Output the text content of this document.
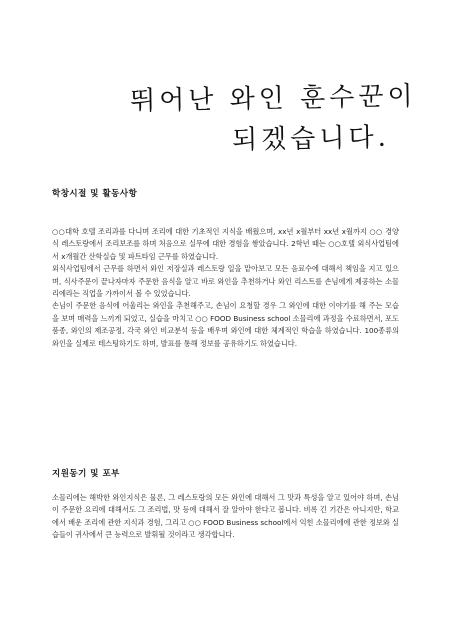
뛰어난 와인 훈수꾼이
되겠습니다.
학창시절 및 활동사항

○○대학 호텔 조리과를 다니며 조리에 대한 기초적인 지식을 배웠으며, xx년 x월부터 xx년 x월까지 ○○ 경양식 레스토랑에서 조리보조를 하며 처음으로 실무에 대한 경험을 쌓았습니다. 2학년 때는 ○○호텔 외식사업팀에서 x개월간 산학실습 및 파트타임 근무를 하였습니다.

외식사업팀에서 근무를 하면서 와인 저장실과 레스토랑 일을 맡아보고 모든 음료수에 대해서 책임을 지고 있으며, 식사주문이 끝나자마자 주문한 음식을 알고 바로 와인을 추천하거나 와인 리스트를 손님에게 제공하는 소믈리에라는 직업을 가까이서 볼 수 있었습니다.

손님이 주문한 음식에 어울리는 와인을 추천해주고, 손님이 요청할 경우 그 와인에 대한 이야기를 해 주는 모습을 보며 매력을 느끼게 되었고, 실습을 마치고 ○○ FOOD Business school 소믈리에 과정을 수료하면서, 포도 품종, 와인의 제조공정, 각국 와인 비교분석 등을 배우며 와인에 대한 체계적인 학습을 하였습니다. 100종류의 와인을 실제로 테스팅하기도 하며, 발표를 통해 정보를 공유하기도 하였습니다.

지원동기 및 포부

소믈리에는 해박한 와인지식은 물론, 그 레스토랑의 모든 와인에 대해서 그 맛과 특성을 알고 있어야 하며, 손님이 주문한 요리에 대해서도 그 조리법, 맛 등에 대해서 잘 알아야 한다고 봅니다. 비록 긴 기간은 아니지만, 학교에서 배운 조리에 관한 지식과 경험, 그리고 ○○ FOOD Business school에서 익힌 소믈리에에 관한 정보와 실습들이 귀사에서 큰 능력으로 발휘될 것이라고 생각합니다.
